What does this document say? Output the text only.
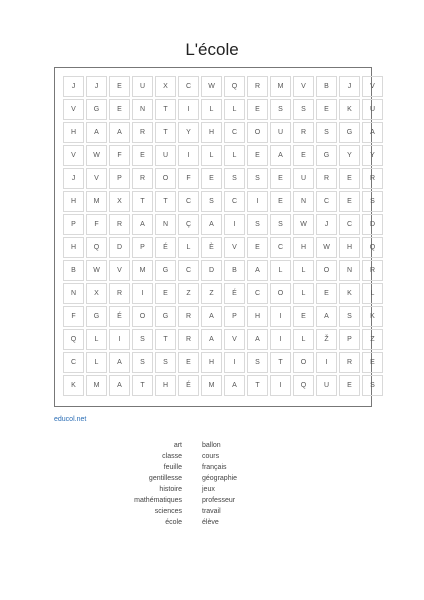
L'école
J	J	E	U	X	C	W	Q	R	M	V	B	J	V
V	G	E	N	T	I	L	L	E	S	S	E	K	U
H	A	A	R	T	Y	H	C	O	U	R	S	G	A
V	W	F	E	U	I	L	L	E	A	E	G	Y	Y
J	V	P	R	O	F	E	S	S	E	U	R	E	R
H	M	X	T	T	C	S	C	I	E	N	C	E	S
P	F	R	A	N	Ç	A	I	S	S	W	J	C	D
H	Q	D	P	É	L	È	V	E	C	H	W	H	Q
B	W	V	M	G	C	D	B	A	L	L	O	N	R
N	X	R	I	E	Z	Z	É	C	O	L	E	K	L
F	G	É	O	G	R	A	P	H	I	E	A	S	K
Q	L	I	S	T	R	A	V	A	I	L	Ž	P	Z
C	L	A	S	S	E	H	I	S	T	O	I	R	E
K	M	A	T	H	É	M	A	T	I	Q	U	E	S
educol.net
art
classe
feuille
gentillesse
histoire
mathématiques
sciences
école
ballon
cours
français
géographie
jeux
professeur
travail
élève
